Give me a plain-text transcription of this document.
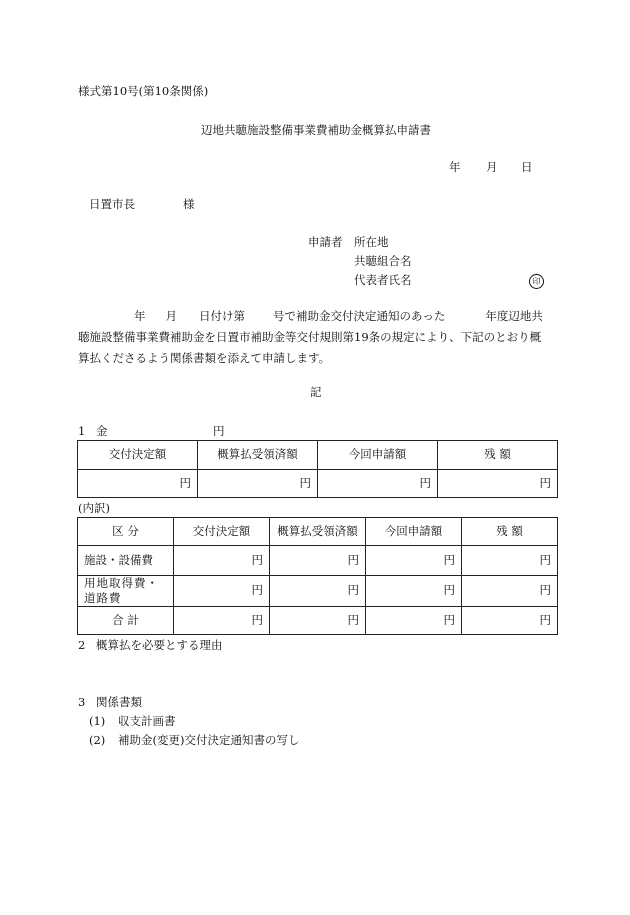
様式第10号(第10条関係)
辺地共聴施設整備事業費補助金概算払申請書
年 月 日
日置市長	様
申請者 所在地
共聴組合名
代表者氏名	印
年 月 日付け第 号で補助金交付決定通知のあった	年度辺地共
聴施設整備事業費補助金を日置市補助金等交付規則第19条の規定により、下記のとおり概
算払くださるよう関係書類を添えて申請します。
記
1 金	円
交付決定額	概算払受領済額	今回申請額	残 額
円	円	円	円
(内訳)
区 分	交付決定額	概算払受領済額	今回申請額	残 額
施設・設備費	円	円	円	円
用地取得費・道路費	円	円	円	円
合 計	円	円	円	円
2 概算払を必要とする理由
3 関係書類
(1) 収支計画書
(2) 補助金(変更)交付決定通知書の写し
